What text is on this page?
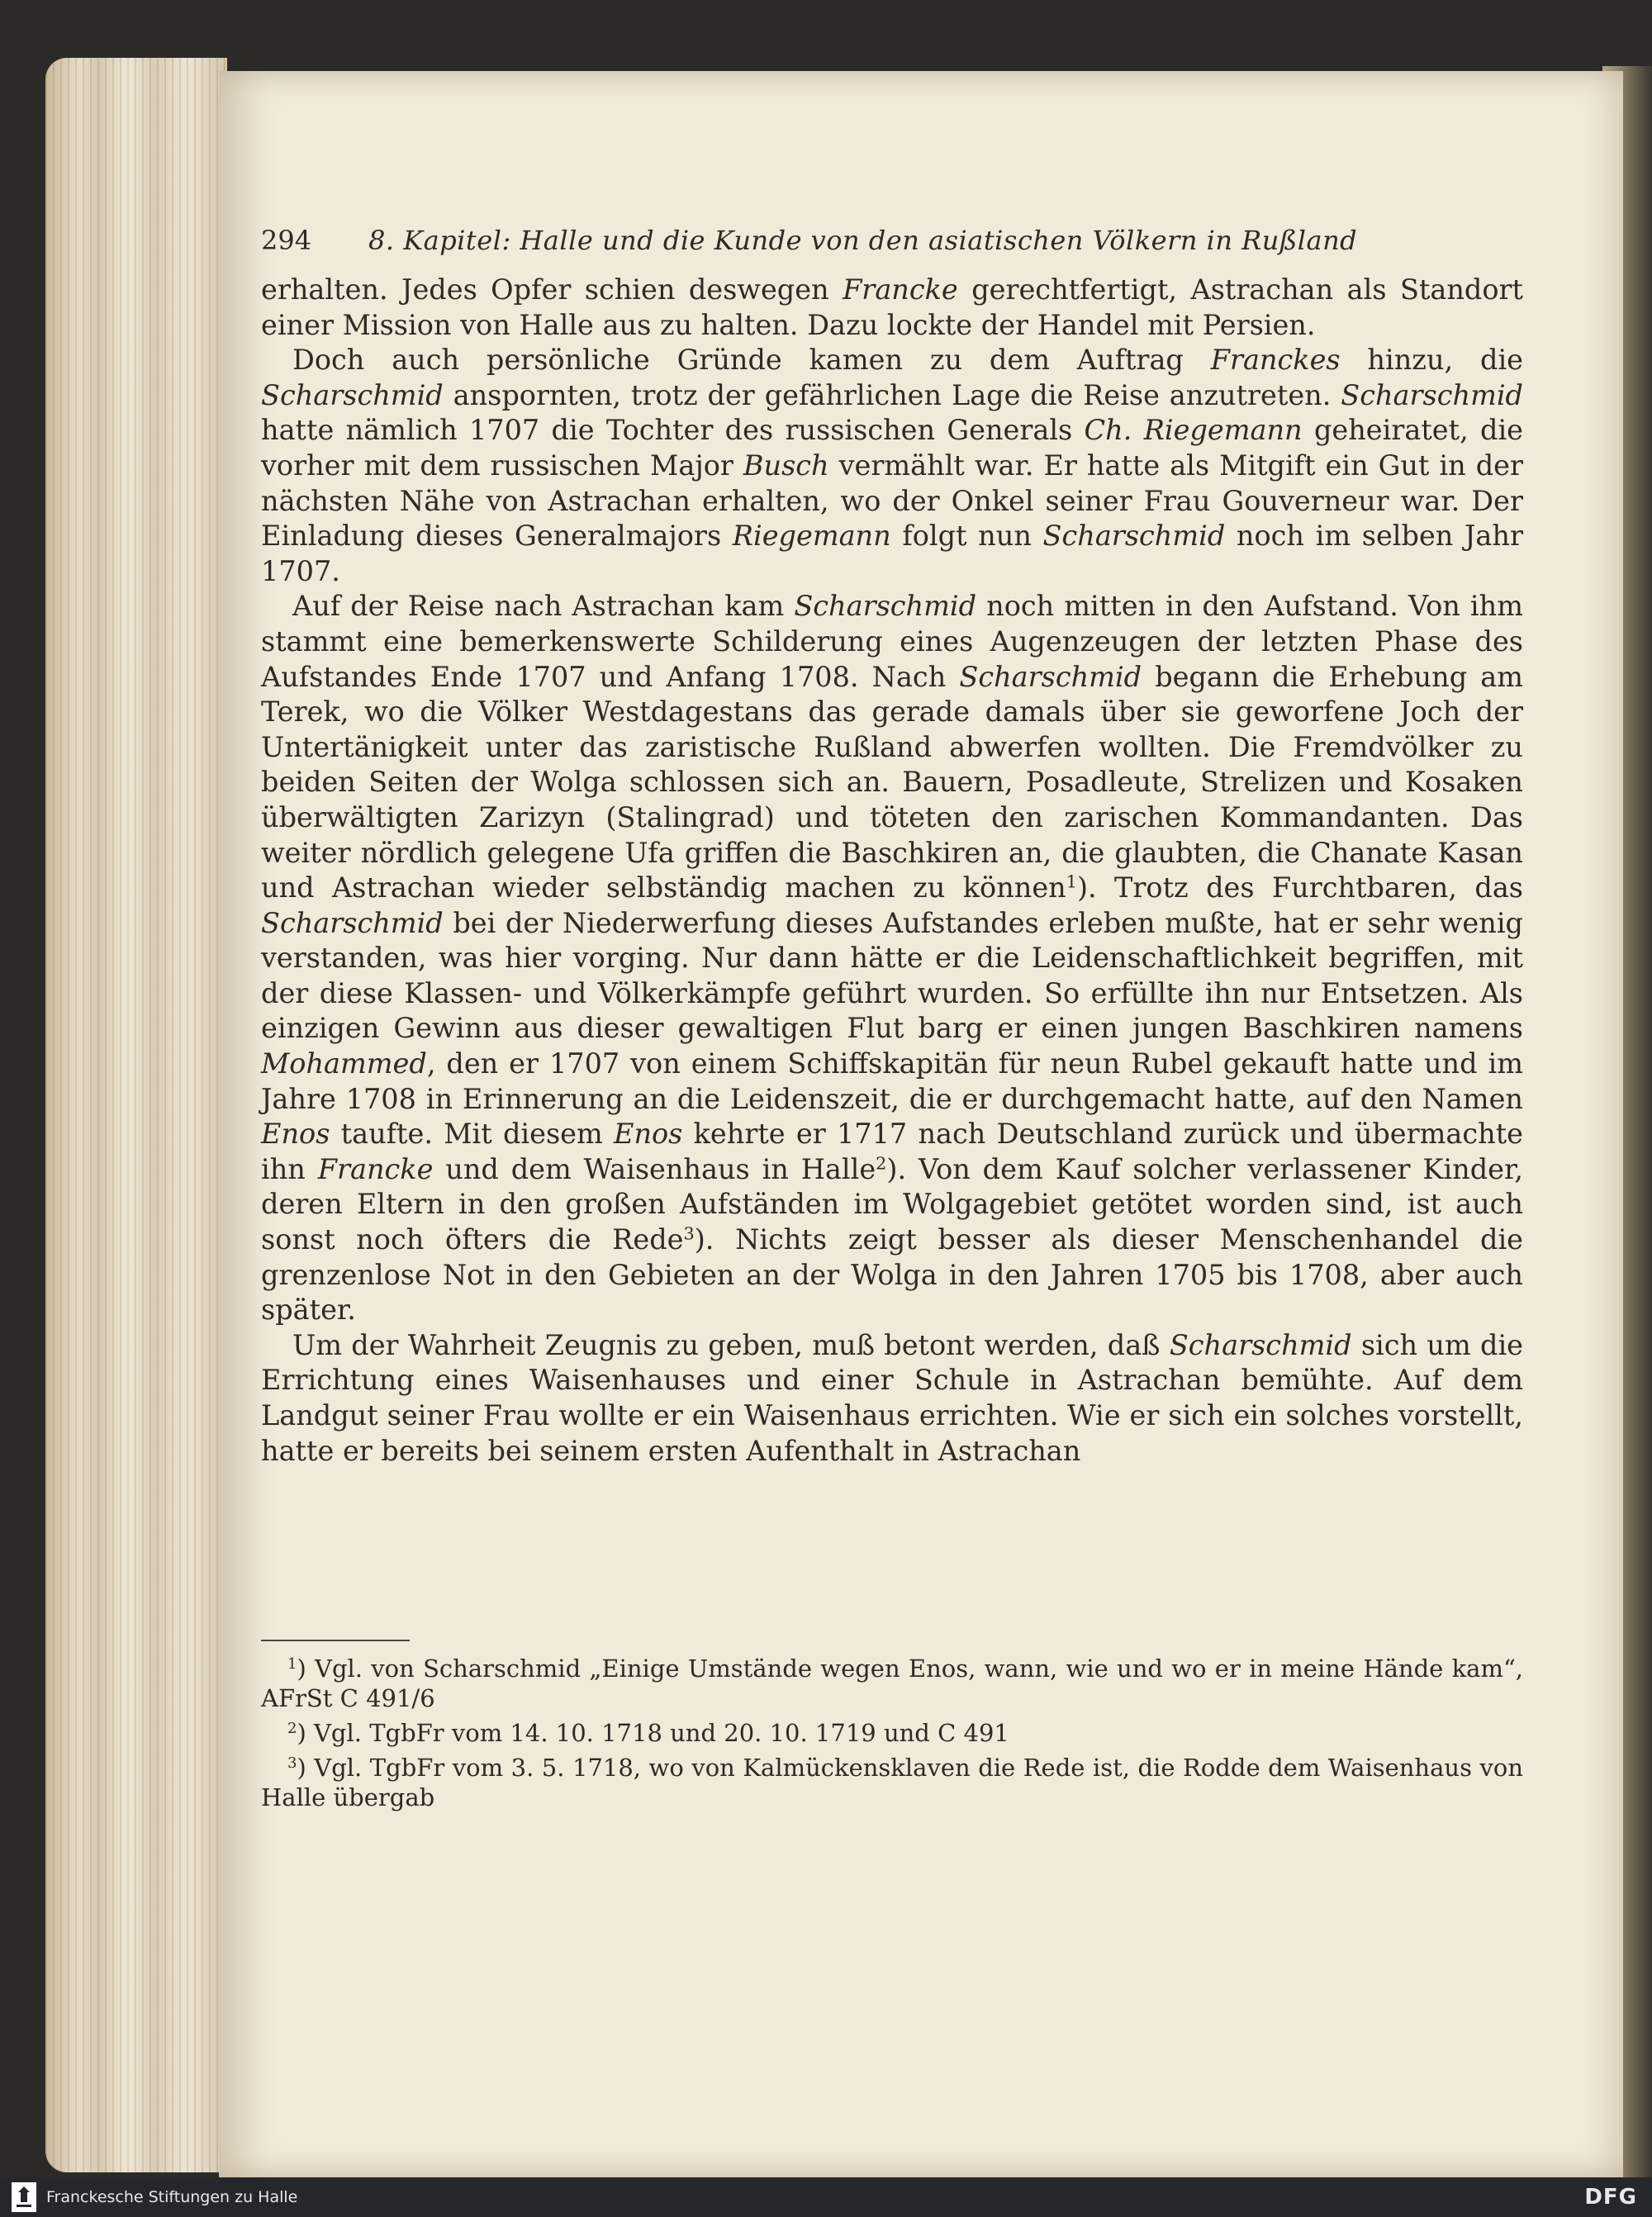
294 8. Kapitel: Halle und die Kunde von den asiatischen Völkern in Rußland

erhalten. Jedes Opfer schien deswegen Francke gerechtfertigt, Astrachan als Standort einer Mission von Halle aus zu halten. Dazu lockte der Handel mit Persien.

Doch auch persönliche Gründe kamen zu dem Auftrag Franckes hinzu, die Scharschmid anspornten, trotz der gefährlichen Lage die Reise anzutreten. Scharschmid hatte nämlich 1707 die Tochter des russischen Generals Ch. Riegemann geheiratet, die vorher mit dem russischen Major Busch vermählt war. Er hatte als Mitgift ein Gut in der nächsten Nähe von Astrachan erhalten, wo der Onkel seiner Frau Gouverneur war. Der Einladung dieses Generalmajors Riegemann folgt nun Scharschmid noch im selben Jahr 1707.

Auf der Reise nach Astrachan kam Scharschmid noch mitten in den Aufstand. Von ihm stammt eine bemerkenswerte Schilderung eines Augenzeugen der letzten Phase des Aufstandes Ende 1707 und Anfang 1708. Nach Scharschmid begann die Erhebung am Terek, wo die Völker Westdagestans das gerade damals über sie geworfene Joch der Untertänigkeit unter das zaristische Rußland abwerfen wollten. Die Fremdvölker zu beiden Seiten der Wolga schlossen sich an. Bauern, Posadleute, Strelizen und Kosaken überwältigten Zarizyn (Stalingrad) und töteten den zarischen Kommandanten. Das weiter nördlich gelegene Ufa griffen die Baschkiren an, die glaubten, die Chanate Kasan und Astrachan wieder selbständig machen zu können$^1$). Trotz des Furchtbaren, das Scharschmid bei der Niederwerfung dieses Aufstandes erleben mußte, hat er sehr wenig verstanden, was hier vorging. Nur dann hätte er die Leidenschaftlichkeit begriffen, mit der diese Klassen- und Völkerkämpfe geführt wurden. So erfüllte ihn nur Entsetzen. Als einzigen Gewinn aus dieser gewaltigen Flut barg er einen jungen Baschkiren namens Mohammed, den er 1707 von einem Schiffskapitän für neun Rubel gekauft hatte und im Jahre 1708 in Erinnerung an die Leidenszeit, die er durchgemacht hatte, auf den Namen Enos taufte. Mit diesem Enos kehrte er 1717 nach Deutschland zurück und übermachte ihn Francke und dem Waisenhaus in Halle$^2$). Von dem Kauf solcher verlassener Kinder, deren Eltern in den großen Aufständen im Wolgagebiet getötet worden sind, ist auch sonst noch öfters die Rede$^3$). Nichts zeigt besser als dieser Menschenhandel die grenzenlose Not in den Gebieten an der Wolga in den Jahren 1705 bis 1708, aber auch später.

Um der Wahrheit Zeugnis zu geben, muß betont werden, daß Scharschmid sich um die Errichtung eines Waisenhauses und einer Schule in Astrachan bemühte. Auf dem Landgut seiner Frau wollte er ein Waisenhaus errichten. Wie er sich ein solches vorstellt, hatte er bereits bei seinem ersten Aufenthalt in Astrachan

$^1$) Vgl. von Scharschmid „Einige Umstände wegen Enos, wann, wie und wo er in meine Hände kam“, AFrSt C 491/6

$^2$) Vgl. TgbFr vom 14. 10. 1718 und 20. 10. 1719 und C 491

$^3$) Vgl. TgbFr vom 3. 5. 1718, wo von Kalmückensklaven die Rede ist, die Rodde dem Waisenhaus von Halle übergab

Franckesche Stiftungen zu Halle	DFG
